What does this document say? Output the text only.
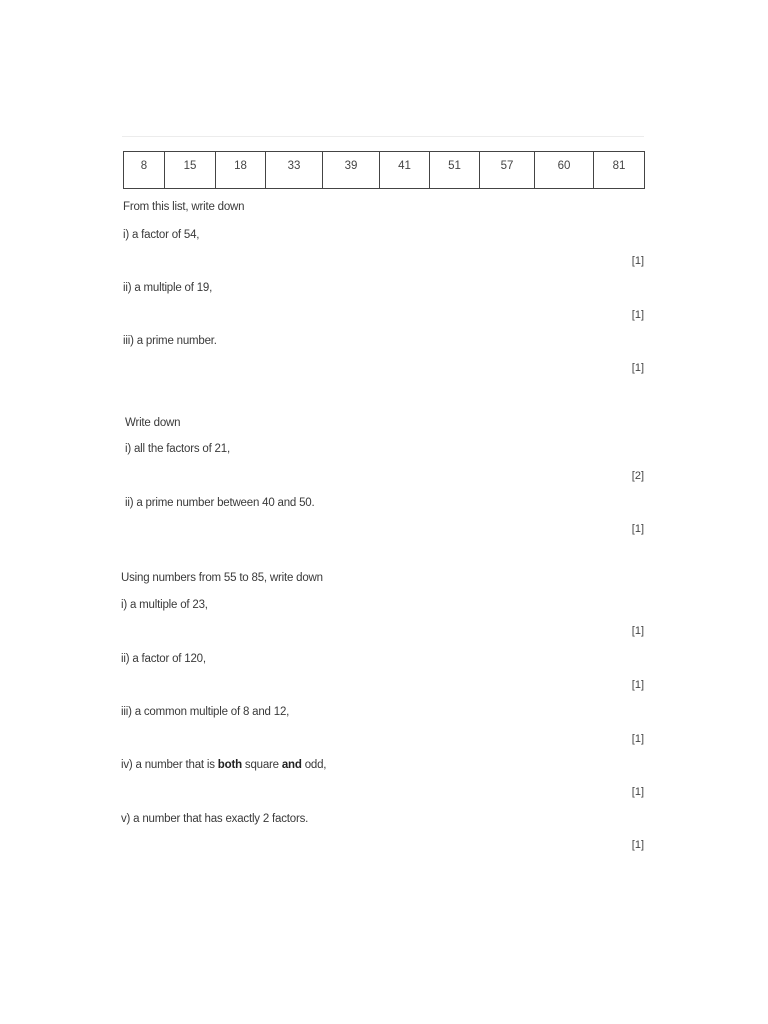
8	15	18	33	39	41	51	57	60	81
From this list, write down
i) a factor of 54,
[1]
ii) a multiple of 19,
[1]
iii) a prime number.
[1]
Write down
i) all the factors of 21,
[2]
ii) a prime number between 40 and 50.
[1]
Using numbers from 55 to 85, write down
i) a multiple of 23,
[1]
ii) a factor of 120,
[1]
iii) a common multiple of 8 and 12,
[1]
iv) a number that is both square and odd,
[1]
v) a number that has exactly 2 factors.
[1]
